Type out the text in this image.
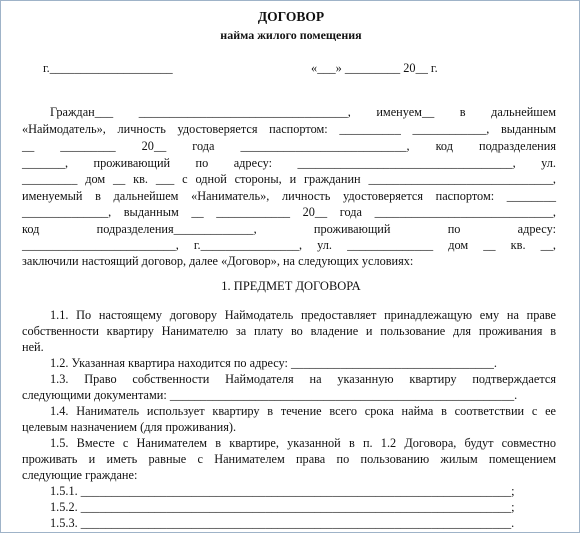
ДОГОВОР
найма жилого помещения
г.____________________                                             «___» _________ 20__ г.
Граждан___ __________________________________, именуем__ в дальнейшем
«Наймодатель», личность удостоверяется паспортом: __________ ____________, выданным
__ _________ 20__ года ___________________________, код подразделения
_______, проживающий по адресу: ___________________________________, ул.
_________ дом __ кв. ___ с одной стороны, и гражданин ______________________________,
именуемый в дальнейшем «Наниматель», личность удостоверяется паспортом: ________
______________, выданным __ ____________ 20__ года _____________________________,
код подразделения_____________, проживающий по адресу:
_________________________, г.________________, ул. ______________ дом __ кв. __,
заключили настоящий договор, далее «Договор», на следующих условиях:
1. ПРЕДМЕТ ДОГОВОРА
1.1. По настоящему договору Наймодатель предоставляет принадлежащую ему на праве
собственности квартиру Нанимателю за плату во владение и пользование для проживания в
ней.
1.2. Указанная квартира находится по адресу: _________________________________.
1.3. Право собственности Наймодателя на указанную квартиру подтверждается
следующими документами: ________________________________________________________.
1.4. Наниматель использует квартиру в течение всего срока найма в соответствии с ее
целевым назначением (для проживания).
1.5. Вместе с Нанимателем в квартире, указанной в п. 1.2 Договора, будут совместно
проживать и иметь равные с Нанимателем права по пользованию жилым помещением
следующие граждане:
1.5.1. ______________________________________________________________________;
1.5.2. ______________________________________________________________________;
1.5.3. ______________________________________________________________________.
